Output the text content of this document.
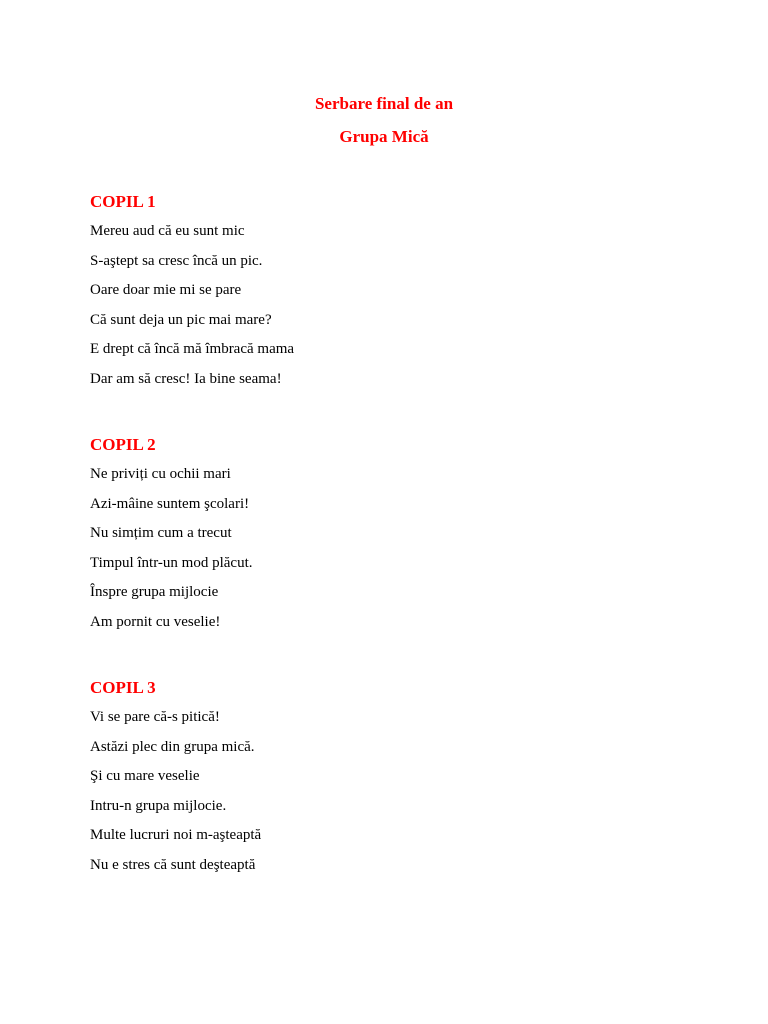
Serbare final de an
Grupa Mică
COPIL 1
Mereu aud că eu sunt mic
S-aştept sa cresc încă un pic.
Oare doar mie mi se pare
Că sunt deja un pic mai mare?
E drept că încă mă îmbracă mama
Dar am să cresc! Ia bine seama!
COPIL 2
Ne priviți cu ochii mari
Azi-mâine suntem şcolari!
Nu simțim cum a trecut
Timpul într-un mod plăcut.
Înspre grupa mijlocie
Am pornit cu veselie!
COPIL 3
Vi se pare că-s pitică!
Astăzi plec din grupa mică.
Şi cu mare veselie
Intru-n grupa mijlocie.
Multe lucruri noi m-aşteaptă
Nu e stres că sunt deşteaptă
